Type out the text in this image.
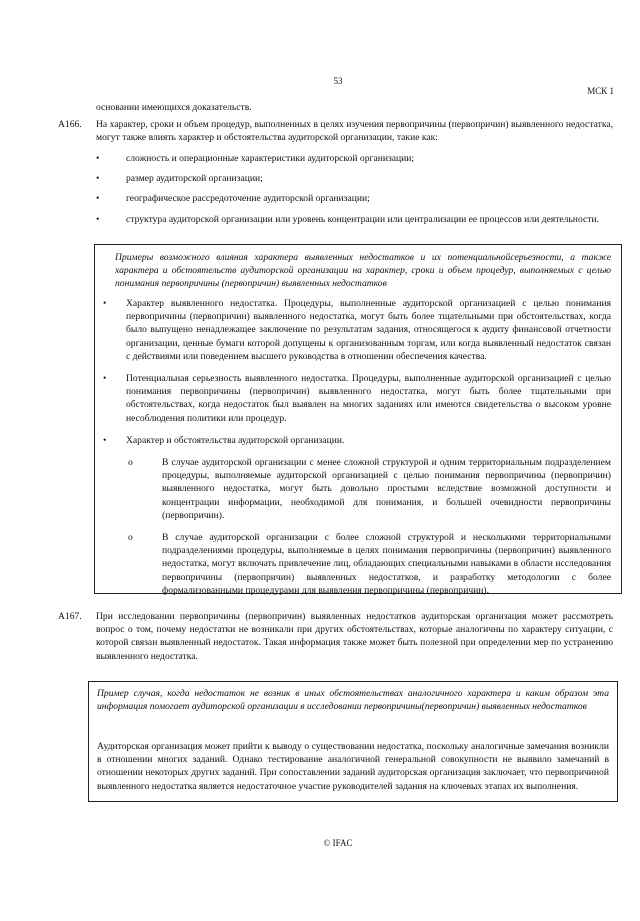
53
МСК 1
основании имеющихся доказательств.
A166. На характер, сроки и объем процедур, выполненных в целях изучения первопричины (первопричин) выявленного недостатка, могут также влиять характер и обстоятельства аудиторской организации, такие как:

•	сложность и операционные характеристики аудиторской организации;
•	размер аудиторской организации;
•	географическое рассредоточение аудиторской организации;
•	структура аудиторской организации или уровень концентрации или централизации ее процессов или деятельности.

Примеры возможного влияния характера выявленных недостатков и их потенциальнойсерьезности, а также характера и обстоятельств аудиторской организации на характер, сроки и объем процедур, выполняемых с целью понимания первопричины (первопричин) выявленных недостатков

• Характер выявленного недостатка. Процедуры, выполненные аудиторской организацией с целью понимания первопричины (первопричин) выявленного недостатка, могут быть более тщательными при обстоятельствах, когда было выпущено ненадлежащее заключение по результатам задания, относящегося к аудиту финансовой отчетности организации, ценные бумаги которой допущены к организованным торгам, или когда выявленный недостаток связан с действиями или поведением высшего руководства в отношении обеспечения качества.
• Потенциальная серьезность выявленного недостатка. Процедуры, выполненные аудиторской организацией с целью понимания первопричины (первопричин) выявленного недостатка, могут быть более тщательными при обстоятельствах, когда недостаток был выявлен на многих заданиях или имеются свидетельства о высоком уровне несоблюдения политики или процедур.
• Характер и обстоятельства аудиторской организации.
o	В случае аудиторской организации с менее сложной структурой и одним территориальным подразделением процедуры, выполняемые аудиторской организацией с целью понимания первопричины (первопричин) выявленного недостатка, могут быть довольно простыми вследствие возможной доступности и концентрации информации, необходимой для понимания, и большей очевидности первопричины (первопричин).
o	В случае аудиторской организации с более сложной структурой и несколькими территориальными подразделениями процедуры, выполняемые в целях понимания первопричины (первопричин) выявленного недостатка, могут включать привлечение лиц, обладающих специальными навыками в области исследования первопричины (первопричин) выявленных недостатков, и разработку методологии с более формализованными процедурами для выявления первопричины (первопричин).
A167. При исследовании первопричины (первопричин) выявленных недостатков аудиторская организация может рассмотреть вопрос о том, почему недостатки не возникали при других обстоятельствах, которые аналогичны по характеру ситуации, с которой связан выявленный недостаток. Такая информация также может быть полезной при определении мер по устранению выявленного недостатка.

Пример случая, когда недостаток не возник в иных обстоятельствах аналогичного характера и каким образом эта информация помогает аудиторской организации в исследовании первопричины(первопричин) выявленных недостатков

Аудиторская организация может прийти к выводу о существовании недостатка, поскольку аналогичные замечания возникли в отношении многих заданий. Однако тестирование аналогичной генеральной совокупности не выявило замечаний в отношении некоторых других заданий. При сопоставлении заданий аудиторская организация заключает, что первопричиной выявленного недостатка является недостаточное участие руководителей задания на ключевых этапах их выполнения.

© IFAC
